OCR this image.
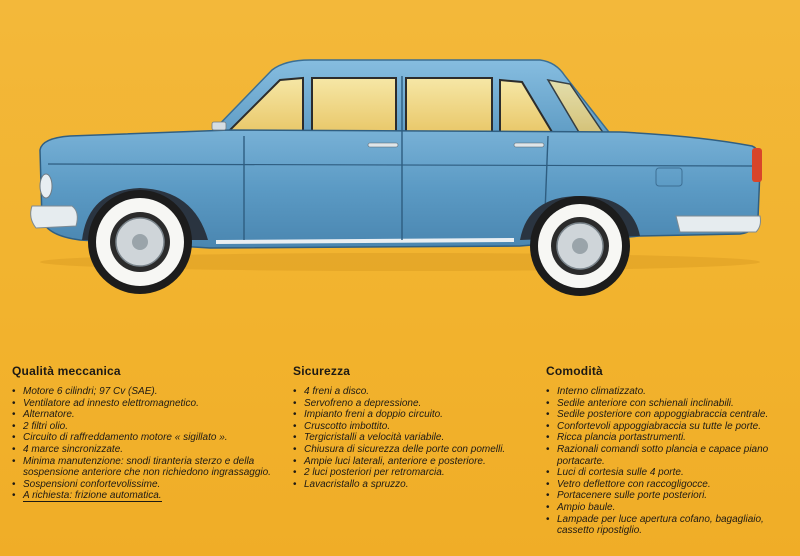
Qualità meccanica
• Motore 6 cilindri; 97 Cv (SAE).
• Ventilatore ad innesto elettromagnetico.
• Alternatore.
• 2 filtri olio.
• Circuito di raffreddamento motore « sigillato ».
• 4 marce sincronizzate.
• Minima manutenzione: snodi tiranteria sterzo e della sospensione anteriore che non richiedono ingrassaggio.
• Sospensioni confortevolissime.
• A richiesta: frizione automatica.
Sicurezza
• 4 freni a disco.
• Servofreno a depressione.
• Impianto freni a doppio circuito.
• Cruscotto imbottito.
• Tergicristalli a velocità variabile.
• Chiusura di sicurezza delle porte con pomelli.
• Ampie luci laterali, anteriore e posteriore.
• 2 luci posteriori per retromarcia.
• Lavacristallo a spruzzo.
Comodità
• Interno climatizzato.
• Sedile anteriore con schienali inclinabili.
• Sedile posteriore con appoggiabraccia centrale.
• Confortevoli appoggiabraccia su tutte le porte.
• Ricca plancia portastrumenti.
• Razionali comandi sotto plancia e capace piano portacarte.
• Luci di cortesia sulle 4 porte.
• Vetro deflettore con raccogligocce.
• Portacenere sulle porte posteriori.
• Ampio baule.
• Lampade per luce apertura cofano, bagagliaio, cassetto ripostiglio.
